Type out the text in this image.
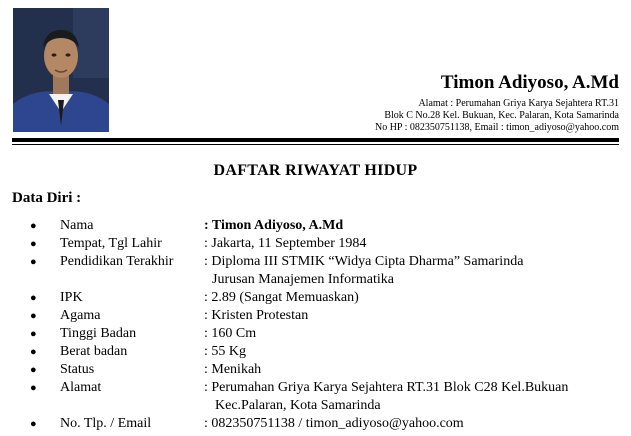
Timon Adiyoso, A.Md
Alamat : Perumahan Griya Karya Sejahtera RT.31
Blok C No.28 Kel. Bukuan, Kec. Palaran, Kota Samarinda
No HP : 082350751138, Email : timon_adiyoso@yahoo.com
DAFTAR RIWAYAT HIDUP
Data Diri :
●	Nama	: Timon Adiyoso, A.Md
●	Tempat, Tgl Lahir	: Jakarta, 11 September 1984
●	Pendidikan Terakhir	: Diploma III STMIK “Widya Cipta Dharma” Samarinda
Jurusan Manajemen Informatika
●	IPK	: 2.89 (Sangat Memuaskan)
●	Agama	: Kristen Protestan
●	Tinggi Badan	: 160 Cm
●	Berat badan	: 55 Kg
●	Status	: Menikah
●	Alamat	: Perumahan Griya Karya Sejahtera RT.31 Blok C28 Kel.Bukuan
Kec.Palaran, Kota Samarinda
●	No. Tlp. / Email	: 082350751138 / timon_adiyoso@yahoo.com
